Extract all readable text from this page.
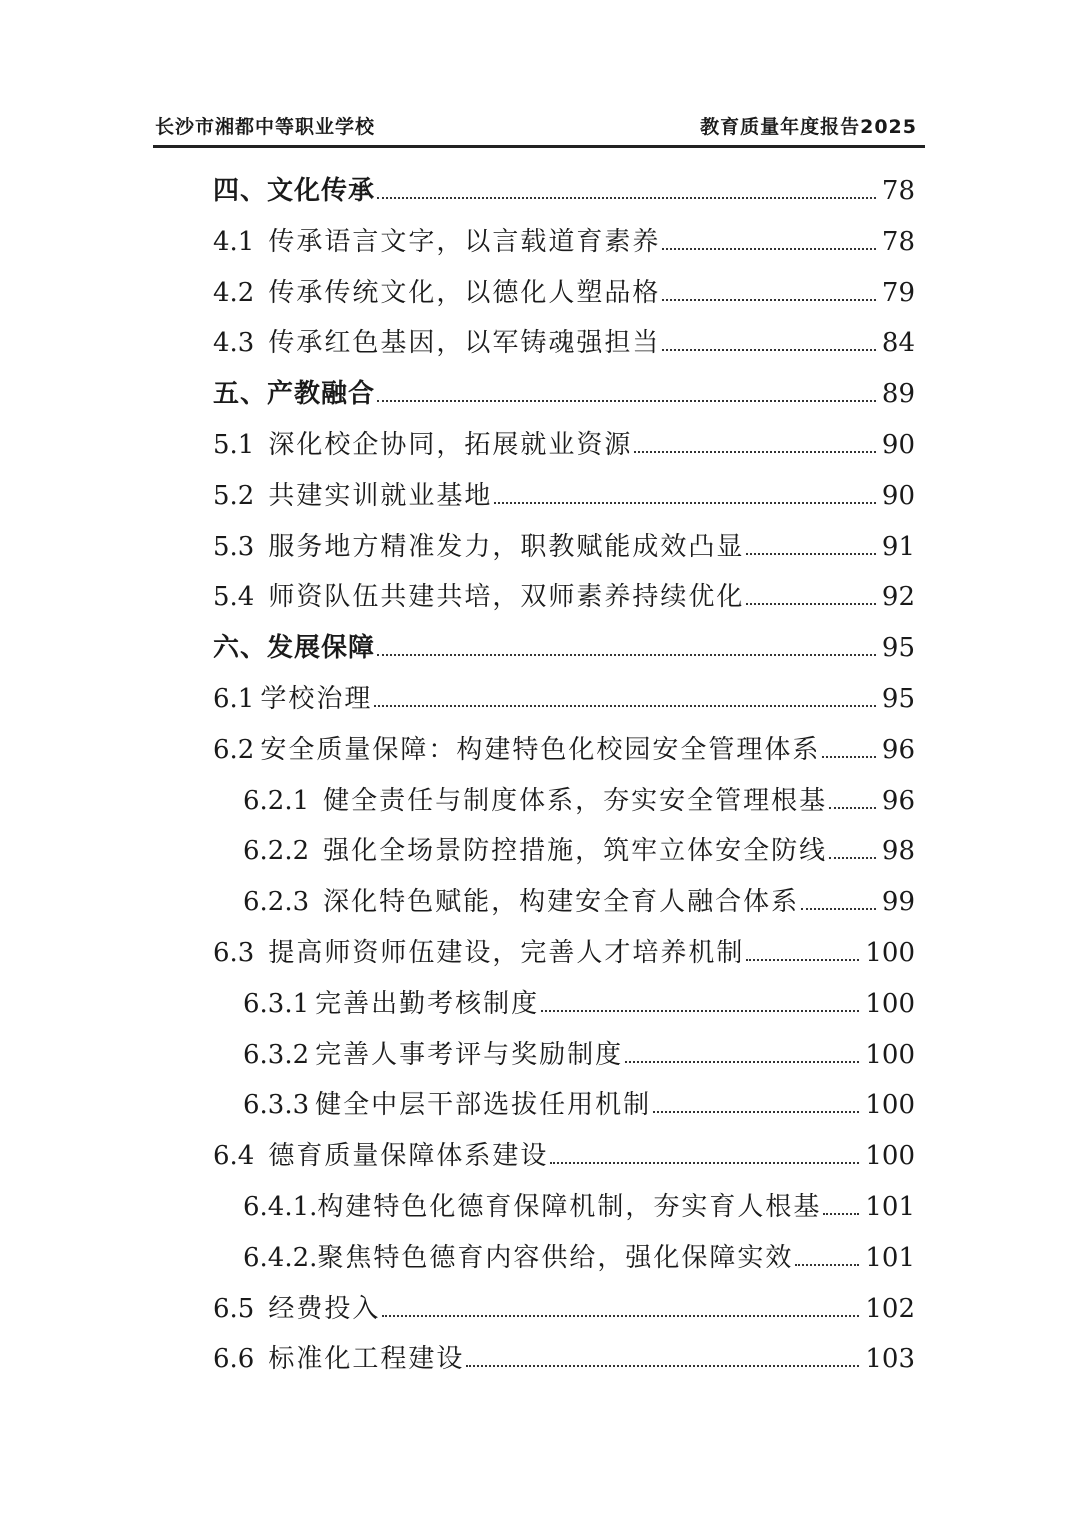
长沙市湘都中等职业学校	教育质量年度报告2025
四、文化传承	78
4.1 传承语言文字，以言载道育素养	78
4.2 传承传统文化，以德化人塑品格	79
4.3 传承红色基因，以军铸魂强担当	84
五、产教融合	89
5.1 深化校企协同，拓展就业资源	90
5.2 共建实训就业基地	90
5.3 服务地方精准发力，职教赋能成效凸显	91
5.4 师资队伍共建共培，双师素养持续优化	92
六、发展保障	95
6.1 学校治理	95
6.2 安全质量保障：构建特色化校园安全管理体系 96
6.2.1 健全责任与制度体系，夯实安全管理根基 96
6.2.2 强化全场景防控措施，筑牢立体安全防线 98
6.2.3 深化特色赋能，构建安全育人融合体系	99
6.3 提高师资师伍建设，完善人才培养机制	100
6.3.1 完善出勤考核制度	100
6.3.2 完善人事考评与奖励制度	100
6.3.3 健全中层干部选拔任用机制	100
6.4 德育质量保障体系建设	100
6.4.1. 构建特色化德育保障机制，夯实育人根基 101
6.4.2. 聚焦特色德育内容供给，强化保障实效	101
6.5 经费投入	102
6.6 标准化工程建设	103
